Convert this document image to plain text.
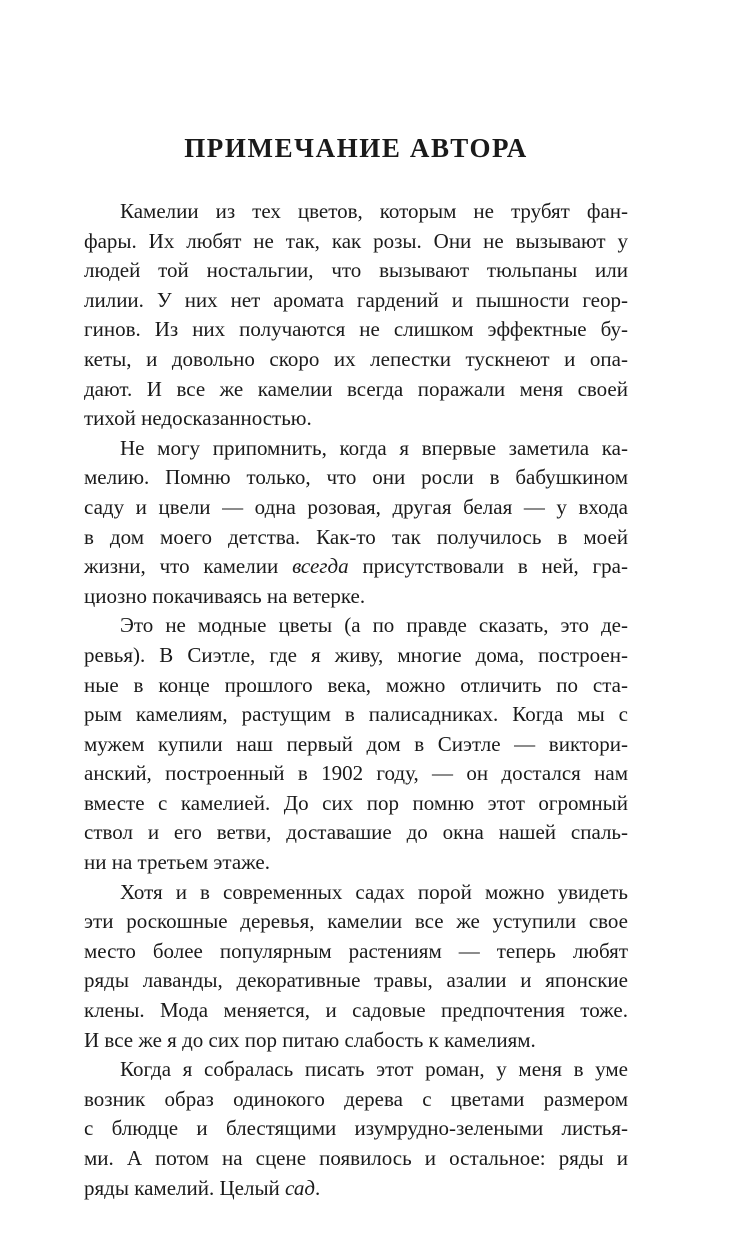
ПРИМЕЧАНИЕ АВТОРА

Камелии из тех цветов, которым не трубят фан-
фары. Их любят не так, как розы. Они не вызывают у
людей той ностальгии, что вызывают тюльпаны или
лилии. У них нет аромата гардений и пышности геор-
гинов. Из них получаются не слишком эффектные бу-
кеты, и довольно скоро их лепестки тускнеют и опа-
дают. И все же камелии всегда поражали меня своей
тихой недосказанностью.

Не могу припомнить, когда я впервые заметила ка-
мелию. Помню только, что они росли в бабушкином
саду и цвели — одна розовая, другая белая — у входа
в дом моего детства. Как-то так получилось в моей
жизни, что камелии всегда присутствовали в ней, гра-
циозно покачиваясь на ветерке.

Это не модные цветы (а по правде сказать, это де-
ревья). В Сиэтле, где я живу, многие дома, построен-
ные в конце прошлого века, можно отличить по ста-
рым камелиям, растущим в палисадниках. Когда мы с
мужем купили наш первый дом в Сиэтле — виктори-
анский, построенный в 1902 году, — он достался нам
вместе с камелией. До сих пор помню этот огромный
ствол и его ветви, доставашие до окна нашей спаль-
ни на третьем этаже.

Хотя и в современных садах порой можно увидеть
эти роскошные деревья, камелии все же уступили свое
место более популярным растениям — теперь любят
ряды лаванды, декоративные травы, азалии и японские
клены. Мода меняется, и садовые предпочтения тоже.
И все же я до сих пор питаю слабость к камелиям.

Когда я собралась писать этот роман, у меня в уме
возник образ одинокого дерева с цветами размером
с блюдце и блестящими изумрудно-зелеными листья-
ми. А потом на сцене появилось и остальное: ряды и
ряды камелий. Целый сад.
